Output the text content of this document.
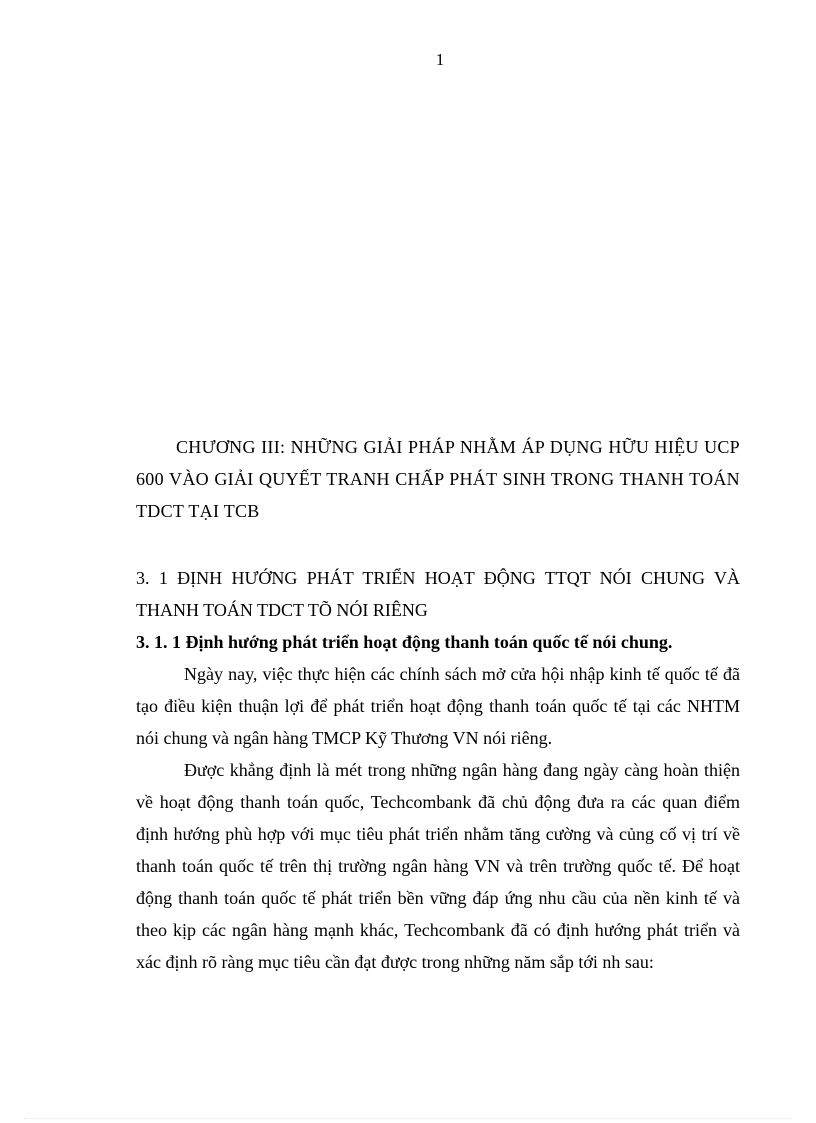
1
CHƯƠNG III: NHỮNG GIẢI PHÁP NHẰM ÁP DỤNG HỮU HIỆU UCP 600 VÀO GIẢI QUYẾT TRANH CHẤP PHÁT SINH TRONG THANH TOÁN TDCT TẠI TCB
3. 1 ĐỊNH HƯỚNG PHÁT TRIỂN HOẠT ĐỘNG TTQT NÓI CHUNG VÀ THANH TOÁN TDCT TÕ NÓI RIÊNG
3. 1. 1 Định hướng phát triển hoạt động thanh toán quốc tế nói chung.

Ngày nay, việc thực hiện các chính sách mở cửa hội nhập kinh tế quốc tế đã tạo điều kiện thuận lợi để phát triển hoạt động thanh toán quốc tế tại các NHTM nói chung và ngân hàng TMCP Kỹ Thương VN nói riêng.

Được khẳng định là mét trong những ngân hàng đang ngày càng hoàn thiện về hoạt động thanh toán quốc, Techcombank đã chủ động đưa ra các quan điểm định hướng phù hợp với mục tiêu phát triển nhằm tăng cường và củng cố vị trí về thanh toán quốc tế trên thị trường ngân hàng VN và trên trường quốc tế. Để hoạt động thanh toán quốc tế phát triển bền vững đáp ứng nhu cầu của nền kinh tế và theo kịp các ngân hàng mạnh khác, Techcombank đã có định hướng phát triển và xác định rõ ràng mục tiêu cần đạt được trong những năm sắp tới nh sau:
